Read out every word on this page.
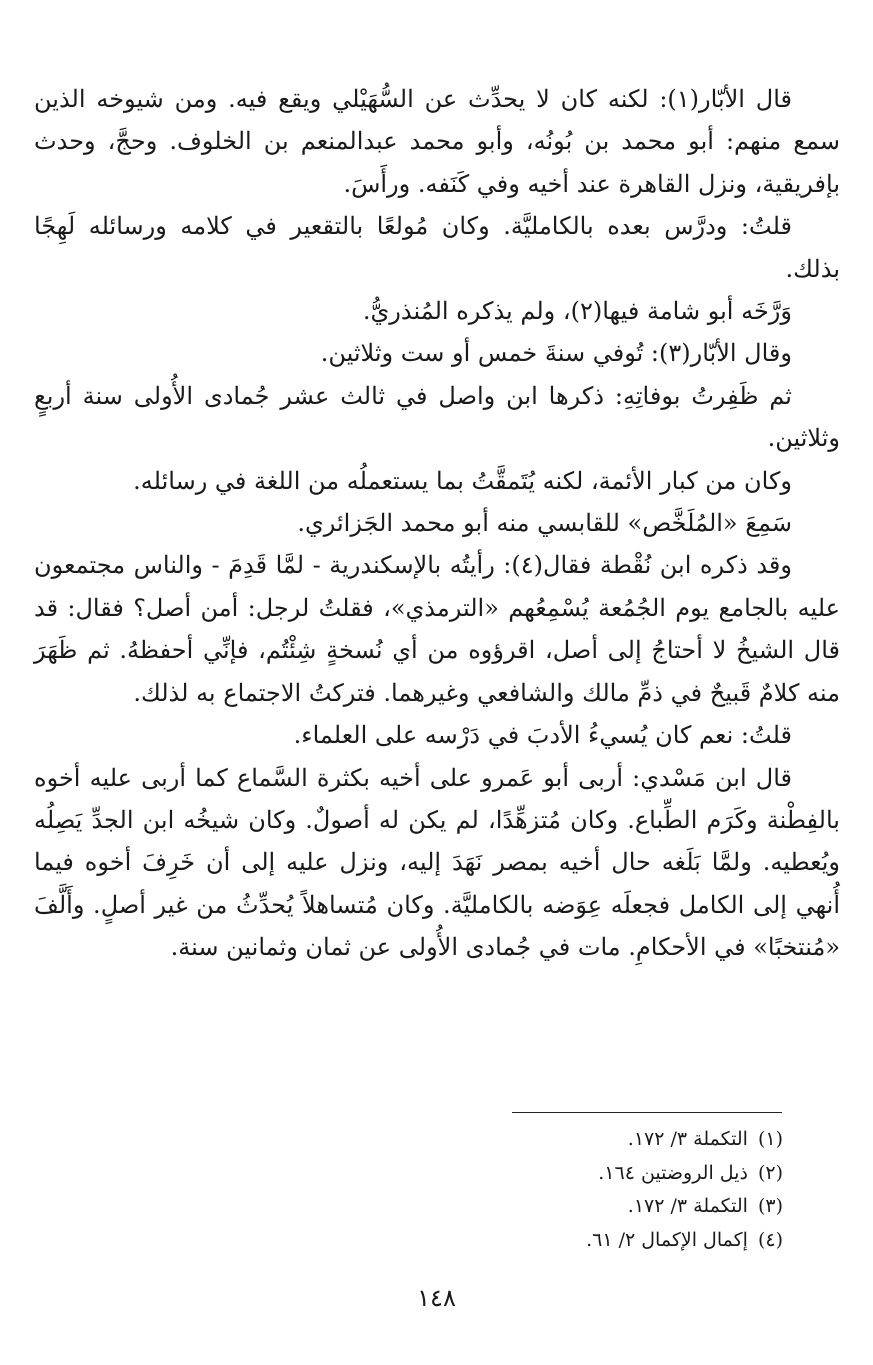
قال الأبّار(١): لكنه كان لا يحدِّث عن السُّهَيْلي ويقع فيه. ومن شيوخه الذين سمع منهم: أبو محمد بن بُونُه، وأبو محمد عبدالمنعم بن الخلوف. وحجَّ، وحدث بإفريقية، ونزل القاهرة عند أخيه وفي كَنَفه. ورأَسَ.

قلتُ: ودرَّس بعده بالكامليَّة. وكان مُولعًا بالتقعير في كلامه ورسائله لَهِجًا بذلك.

وَرَّخَه أبو شامة فيها(٢)، ولم يذكره المُنذريُّ.

وقال الأبّار(٣): تُوفي سنةَ خمس أو ست وثلاثين.

ثم ظَفِرتُ بوفاتِهِ: ذكرها ابن واصل في ثالث عشر جُمادى الأُولى سنة أربعٍ وثلاثين.

وكان من كبار الأئمة، لكنه يُتَمقَّتُ بما يستعملُه من اللغة في رسائله.

سَمِعَ «المُلَخَّص» للقابسي منه أبو محمد الجَزائري.

وقد ذكره ابن نُقْطة فقال(٤): رأيتُه بالإسكندرية - لمَّا قَدِمَ - والناس مجتمعون عليه بالجامع يوم الجُمُعة يُسْمِعُهم «الترمذي»، فقلتُ لرجل: أمن أصل؟ فقال: قد قال الشيخُ لا أحتاجُ إلى أصل، اقرؤوه من أي نُسخةٍ شِئْتُم، فإنِّي أحفظهُ. ثم ظَهَرَ منه كلامٌ قَبيحٌ في ذمِّ مالك والشافعي وغيرهما. فتركتُ الاجتماع به لذلك.

قلتُ: نعم كان يُسيءُ الأدبَ في دَرْسه على العلماء.

قال ابن مَسْدي: أربى أبو عَمرو على أخيه بكثرة السَّماع كما أربى عليه أخوه بالفِطْنة وكَرَم الطِّباع. وكان مُتزهِّدًا، لم يكن له أصولٌ. وكان شيخُه ابن الجدِّ يَصِلُه ويُعطيه. ولمَّا بَلَغه حال أخيه بمصر نَهَدَ إليه، ونزل عليه إلى أن خَرِفَ أخوه فيما أُنهي إلى الكامل فجعلَه عِوَضه بالكامليَّة. وكان مُتساهلاً يُحدِّثُ من غير أصلٍ. وأَلَّفَ «مُنتخبًا» في الأحكامِ. مات في جُمادى الأُولى عن ثمان وثمانين سنة.

(١)التكملة ٣/ ١٧٢.
(٢)ذيل الروضتين ١٦٤.
(٣)التكملة ٣/ ١٧٢.
(٤)إكمال الإكمال ٢/ ٦١.
١٤٨
